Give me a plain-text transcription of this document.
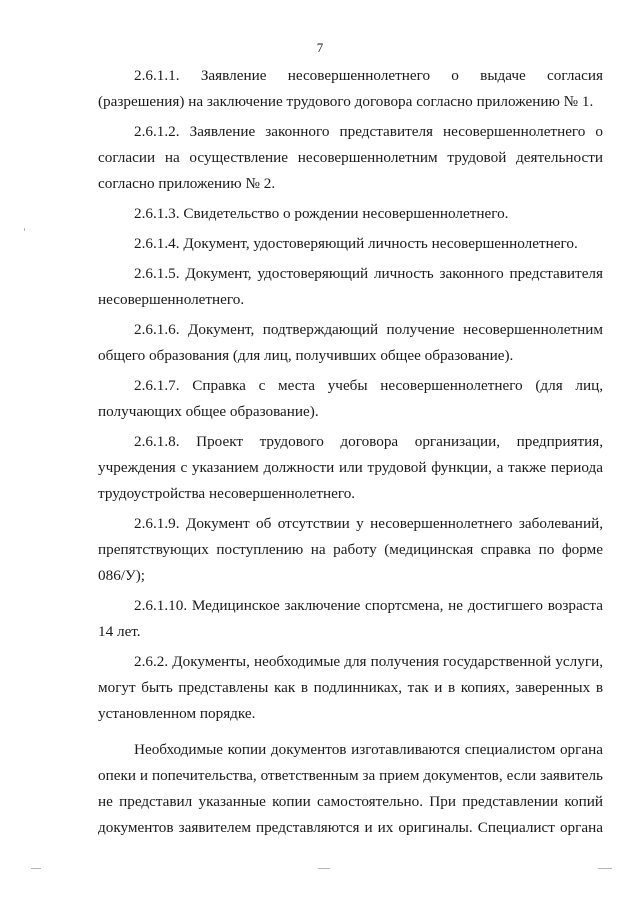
7

2.6.1.1. Заявление несовершеннолетнего о выдаче согласия (разрешения) на заключение трудового договора согласно приложению № 1.

2.6.1.2. Заявление законного представителя несовершеннолетнего о согласии на осуществление несовершеннолетним трудовой деятельности согласно приложению № 2.

2.6.1.3. Свидетельство о рождении несовершеннолетнего.

2.6.1.4. Документ, удостоверяющий личность несовершеннолетнего.

2.6.1.5. Документ, удостоверяющий личность законного представителя несовершеннолетнего.

2.6.1.6. Документ, подтверждающий получение несовершеннолетним общего образования (для лиц, получивших общее образование).

2.6.1.7. Справка с места учебы несовершеннолетнего (для лиц, получающих общее образование).

2.6.1.8. Проект трудового договора организации, предприятия, учреждения с указанием должности или трудовой функции, а также периода трудоустройства несовершеннолетнего.

2.6.1.9. Документ об отсутствии у несовершеннолетнего заболеваний, препятствующих поступлению на работу (медицинская справка по форме 086/У);

2.6.1.10. Медицинское заключение спортсмена, не достигшего возраста 14 лет.

2.6.2. Документы, необходимые для получения государственной услуги, могут быть представлены как в подлинниках, так и в копиях, заверенных в установленном порядке.

Необходимые копии документов изготавливаются специалистом органа опеки и попечительства, ответственным за прием документов, если заявитель не представил указанные копии самостоятельно. При представлении копий документов заявителем представляются и их оригиналы. Специалист органа
